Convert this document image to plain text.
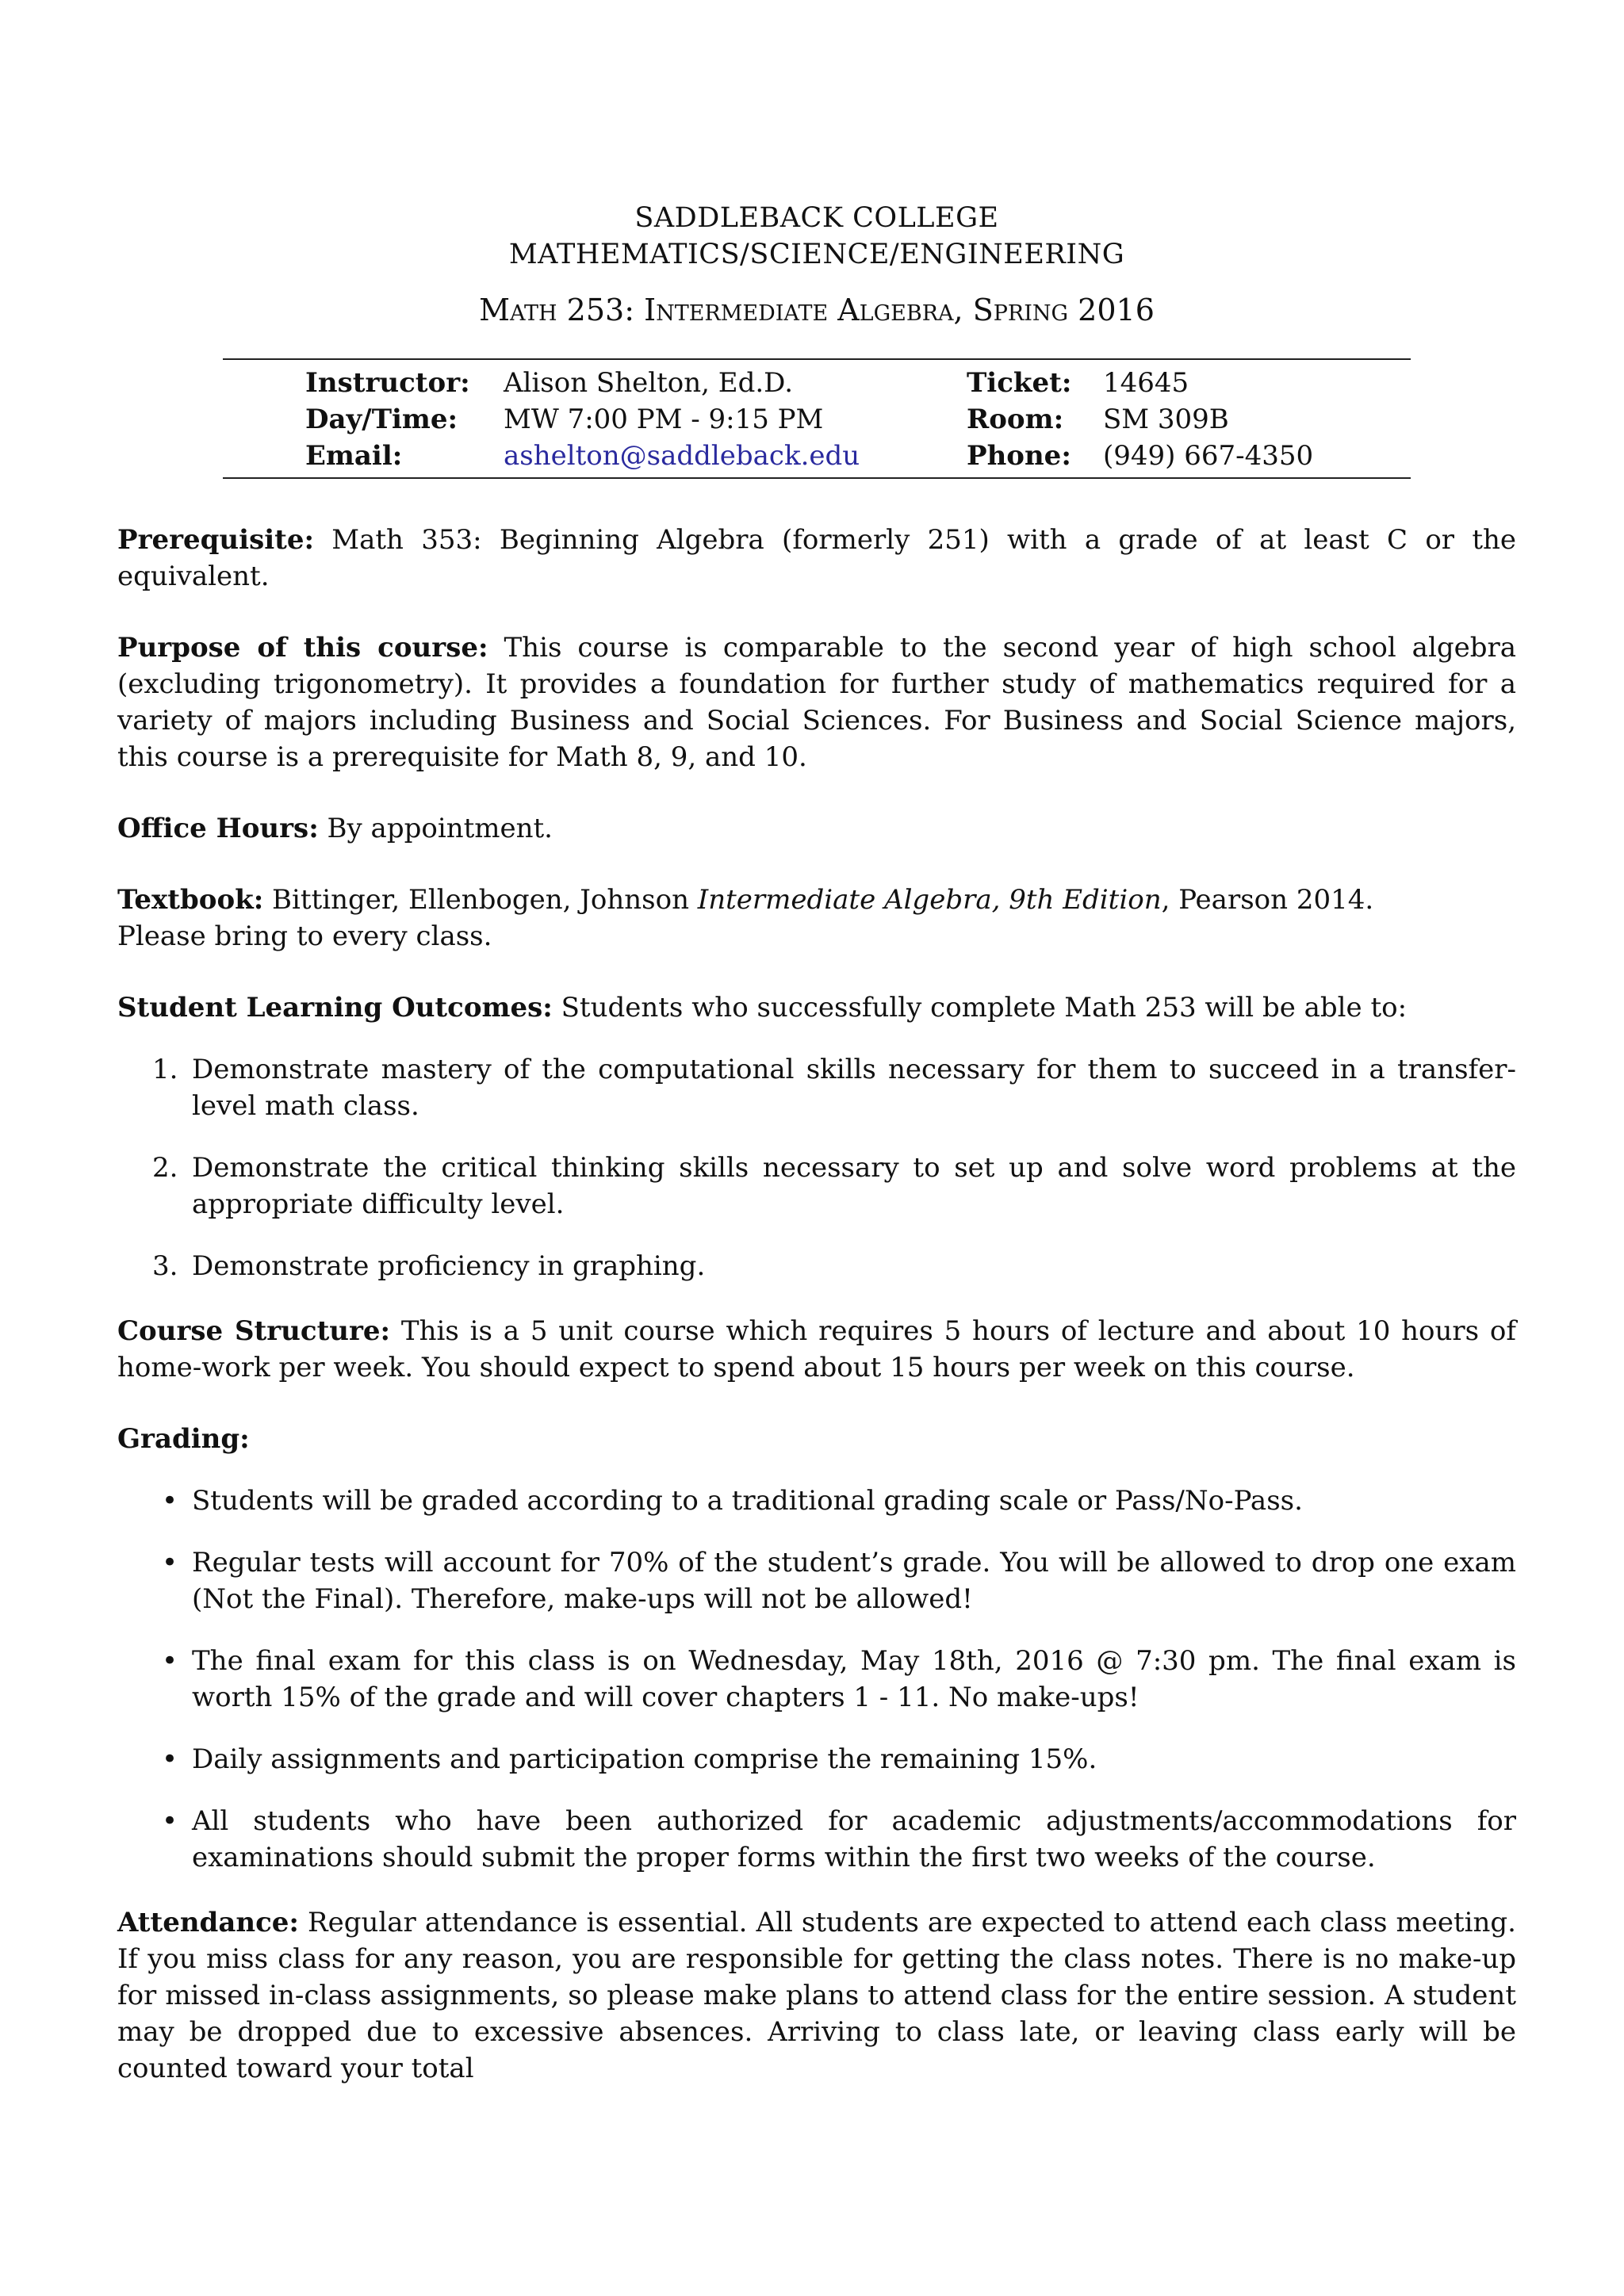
SADDLEBACK COLLEGE
MATHEMATICS/SCIENCE/ENGINEERING
Math 253: Intermediate Algebra, Spring 2016
Instructor:	Alison Shelton, Ed.D.	Ticket:	14645
Day/Time:	MW 7:00 PM - 9:15 PM	Room:	SM 309B
Email:	ashelton@saddleback.edu	Phone:	(949) 667-4350
Prerequisite: Math 353: Beginning Algebra (formerly 251) with a grade of at least C or the equivalent.
Purpose of this course: This course is comparable to the second year of high school algebra (excluding trigonometry). It provides a foundation for further study of mathematics required for a variety of majors including Business and Social Sciences. For Business and Social Science majors, this course is a prerequisite for Math 8, 9, and 10.
Office Hours: By appointment.
Textbook: Bittinger, Ellenbogen, Johnson Intermediate Algebra, 9th Edition, Pearson 2014.
Please bring to every class.
Student Learning Outcomes: Students who successfully complete Math 253 will be able to:
1. Demonstrate mastery of the computational skills necessary for them to succeed in a transfer-level math class.
2. Demonstrate the critical thinking skills necessary to set up and solve word problems at the appropriate difficulty level.
3. Demonstrate proficiency in graphing.
Course Structure: This is a 5 unit course which requires 5 hours of lecture and about 10 hours of home-work per week. You should expect to spend about 15 hours per week on this course.
Grading:
• Students will be graded according to a traditional grading scale or Pass/No-Pass.
• Regular tests will account for 70% of the student’s grade. You will be allowed to drop one exam (Not the Final). Therefore, make-ups will not be allowed!
• The final exam for this class is on Wednesday, May 18th, 2016 @ 7:30 pm. The final exam is worth 15% of the grade and will cover chapters 1 - 11. No make-ups!
• Daily assignments and participation comprise the remaining 15%.
• All students who have been authorized for academic adjustments/accommodations for examinations should submit the proper forms within the first two weeks of the course.
Attendance: Regular attendance is essential. All students are expected to attend each class meeting. If you miss class for any reason, you are responsible for getting the class notes. There is no make-up for missed in-class assignments, so please make plans to attend class for the entire session. A student may be dropped due to excessive absences. Arriving to class late, or leaving class early will be counted toward your total
